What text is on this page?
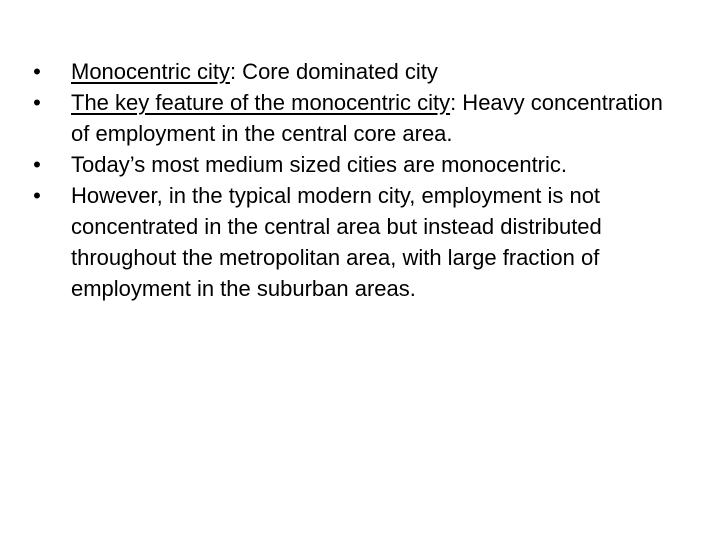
• Monocentric city: Core dominated city
• The key feature of the monocentric city: Heavy concentration of employment in the central core area.
• Today’s most medium sized cities are monocentric.
• However, in the typical modern city, employment is not concentrated in the central area but instead distributed throughout the metropolitan area, with large fraction of employment in the suburban areas.
